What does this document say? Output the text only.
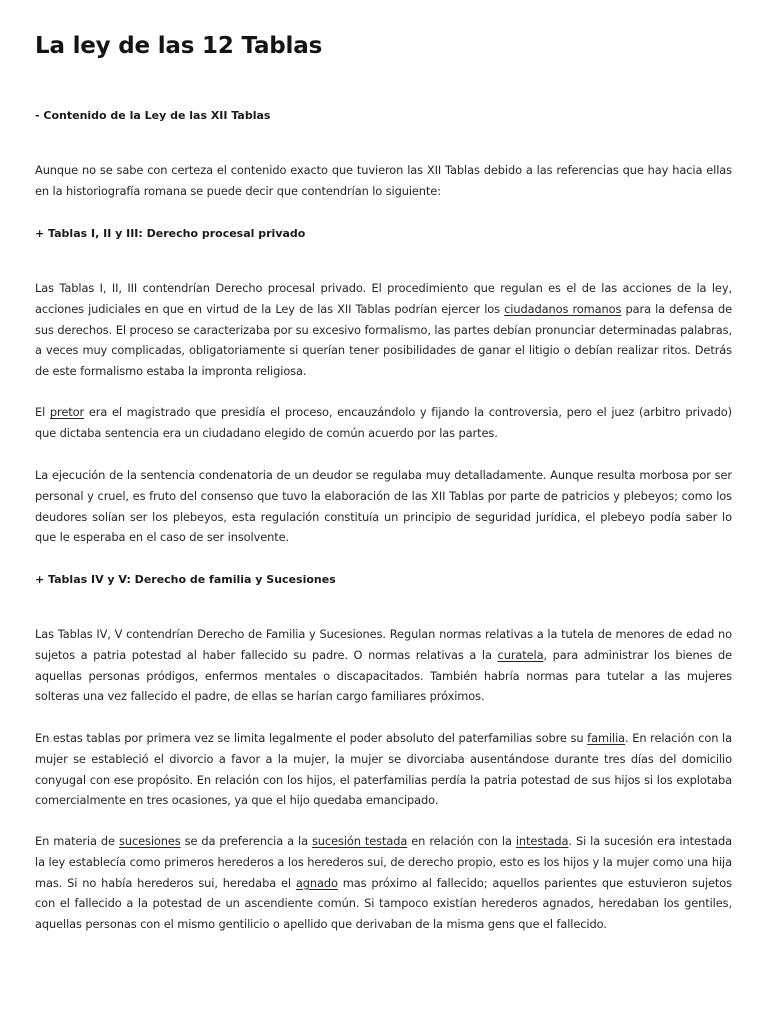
La ley de las 12 Tablas
- Contenido de la Ley de las XII Tablas

Aunque no se sabe con certeza el contenido exacto que tuvieron las XII Tablas debido a las referencias que hay hacia ellas en la historiografía romana se puede decir que contendrían lo siguiente:

+ Tablas I, II y III: Derecho procesal privado

Las Tablas I, II, III contendrían Derecho procesal privado. El procedimiento que regulan es el de las acciones de la ley, acciones judiciales en que en virtud de la Ley de las XII Tablas podrían ejercer los ciudadanos romanos para la defensa de sus derechos. El proceso se caracterizaba por su excesivo formalismo, las partes debían pronunciar determinadas palabras, a veces muy complicadas, obligatoriamente si querían tener posibilidades de ganar el litigio o debían realizar ritos. Detrás de este formalismo estaba la impronta religiosa.

El pretor era el magistrado que presidía el proceso, encauzándolo y fijando la controversia, pero el juez (arbitro privado) que dictaba sentencia era un ciudadano elegido de común acuerdo por las partes.

La ejecución de la sentencia condenatoria de un deudor se regulaba muy detalladamente. Aunque resulta morbosa por ser personal y cruel, es fruto del consenso que tuvo la elaboración de las XII Tablas por parte de patricios y plebeyos; como los deudores solían ser los plebeyos, esta regulación constituía un principio de seguridad jurídica, el plebeyo podía saber lo que le esperaba en el caso de ser insolvente.

+ Tablas IV y V: Derecho de familia y Sucesiones

Las Tablas IV, V contendrían Derecho de Familia y Sucesiones. Regulan normas relativas a la tutela de menores de edad no sujetos a patria potestad al haber fallecido su padre. O normas relativas a la curatela, para administrar los bienes de aquellas personas pródigos, enfermos mentales o discapacitados. También habría normas para tutelar a las mujeres solteras una vez fallecido el padre, de ellas se harían cargo familiares próximos.

En estas tablas por primera vez se limita legalmente el poder absoluto del paterfamilias sobre su familia. En relación con la mujer se estableció el divorcio a favor a la mujer, la mujer se divorciaba ausentándose durante tres días del domicilio conyugal con ese propósito. En relación con los hijos, el paterfamilias perdía la patria potestad de sus hijos si los explotaba comercialmente en tres ocasiones, ya que el hijo quedaba emancipado.

En materia de sucesiones se da preferencia a la sucesión testada en relación con la intestada. Si la sucesión era intestada la ley establecía como primeros herederos a los herederos sui, de derecho propio, esto es los hijos y la mujer como una hija mas. Si no había herederos sui, heredaba el agnado mas próximo al fallecido; aquellos parientes que estuvieron sujetos con el fallecido a la potestad de un ascendiente común. Si tampoco existían herederos agnados, heredaban los gentiles, aquellas personas con el mismo gentilicio o apellido que derivaban de la misma gens que el fallecido.
